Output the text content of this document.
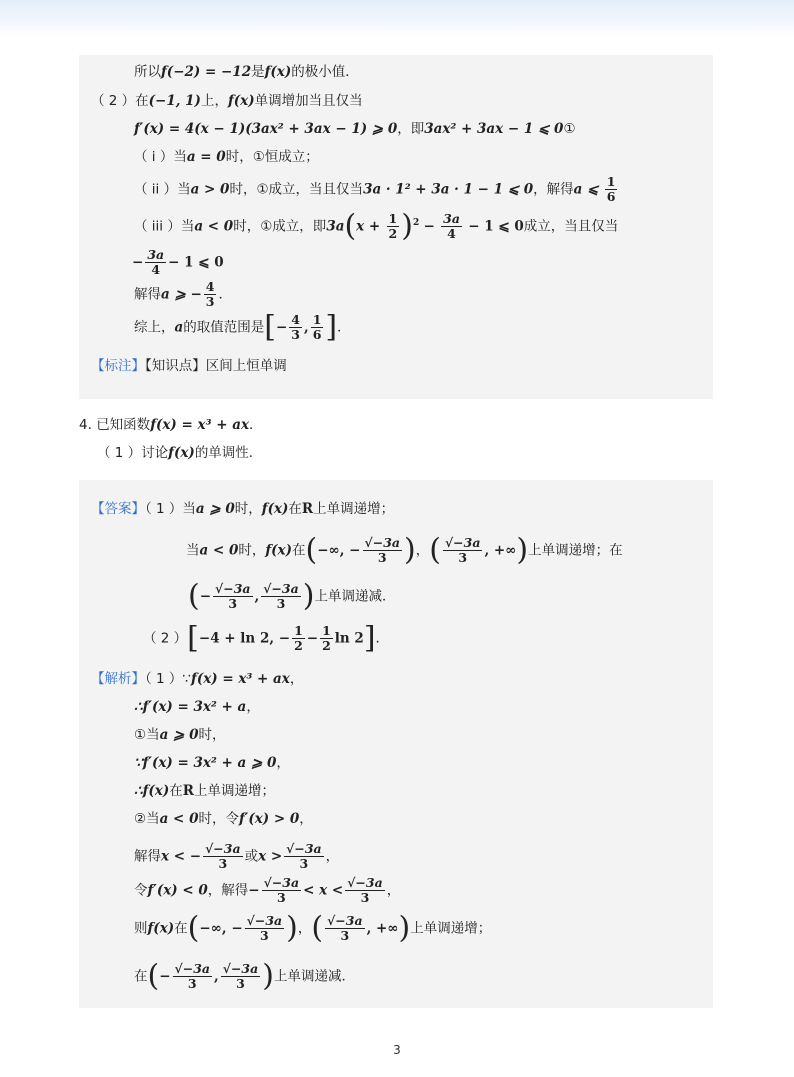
所以f(−2) = −12是f(x)的极小值．
（ 2 ）在(−1, 1)上，f(x)单调增加当且仅当
f′(x) = 4(x − 1)(3ax² + 3ax − 1) ⩾ 0，即3ax² + 3ax − 1 ⩽ 0①
（ i ）当a = 0时，①恒成立；
（ ii ）当a > 0时，①成立，当且仅当3a · 1² + 3a · 1 − 1 ⩽ 0，解得a ⩽ $\frac{1}{6}$
（ iii ）当a < 0时，①成立，即$3a(x + \frac{1}{2} )^2 - \frac{3a}{4} - 1$ ⩽ 0成立，当且仅当
− $\frac{3a}{4} - 1$ ⩽ 0
解得a ⩾ − $\frac{4}{3}$ ．
综上，a的取值范围是[− $\frac{4}{3}$ , $\frac{1}{6}$ ]．
【标注】【知识点】区间上恒单调
4. 已知函数f(x) = x³ + ax．
（ 1 ）讨论f(x)的单调性．
【答案】（ 1 ）当a ⩾ 0时，f(x)在R上单调递增；
当a < 0时，f(x)在(−∞, − $\frac{√-3a}{3}$ )，( $\frac{√-3a}{3}$ , +∞)上单调递增；在
(− $\frac{√-3a}{3}$ , $\frac{√-3a}{3}$ )上单调递减．
（ 2 ）[−4 + ln 2, − $\frac{1}{2} - \frac{1}{2}$ ln 2]．
【解析】（ 1 ）∵f(x) = x³ + ax，
∴f′(x) = 3x² + a，
①当a ⩾ 0时，
∵f′(x) = 3x² + a ⩾ 0，
∴f(x)在R上单调递增；
②当a < 0时，令f′(x) > 0，
解得x < − $\frac{√-3a}{3}$ 或$x > \frac{√-3a}{3}$ ，
令f′(x) < 0，解得− $\frac{√-3a}{3} < x < \frac{√-3a}{3}$ ，
则f(x)在(−∞, − $\frac{√-3a}{3}$ )，( $\frac{√-3a}{3}$ , +∞)上单调递增；
在(− $\frac{√-3a}{3}$ , $\frac{√-3a}{3}$ )上单调递减．
3
